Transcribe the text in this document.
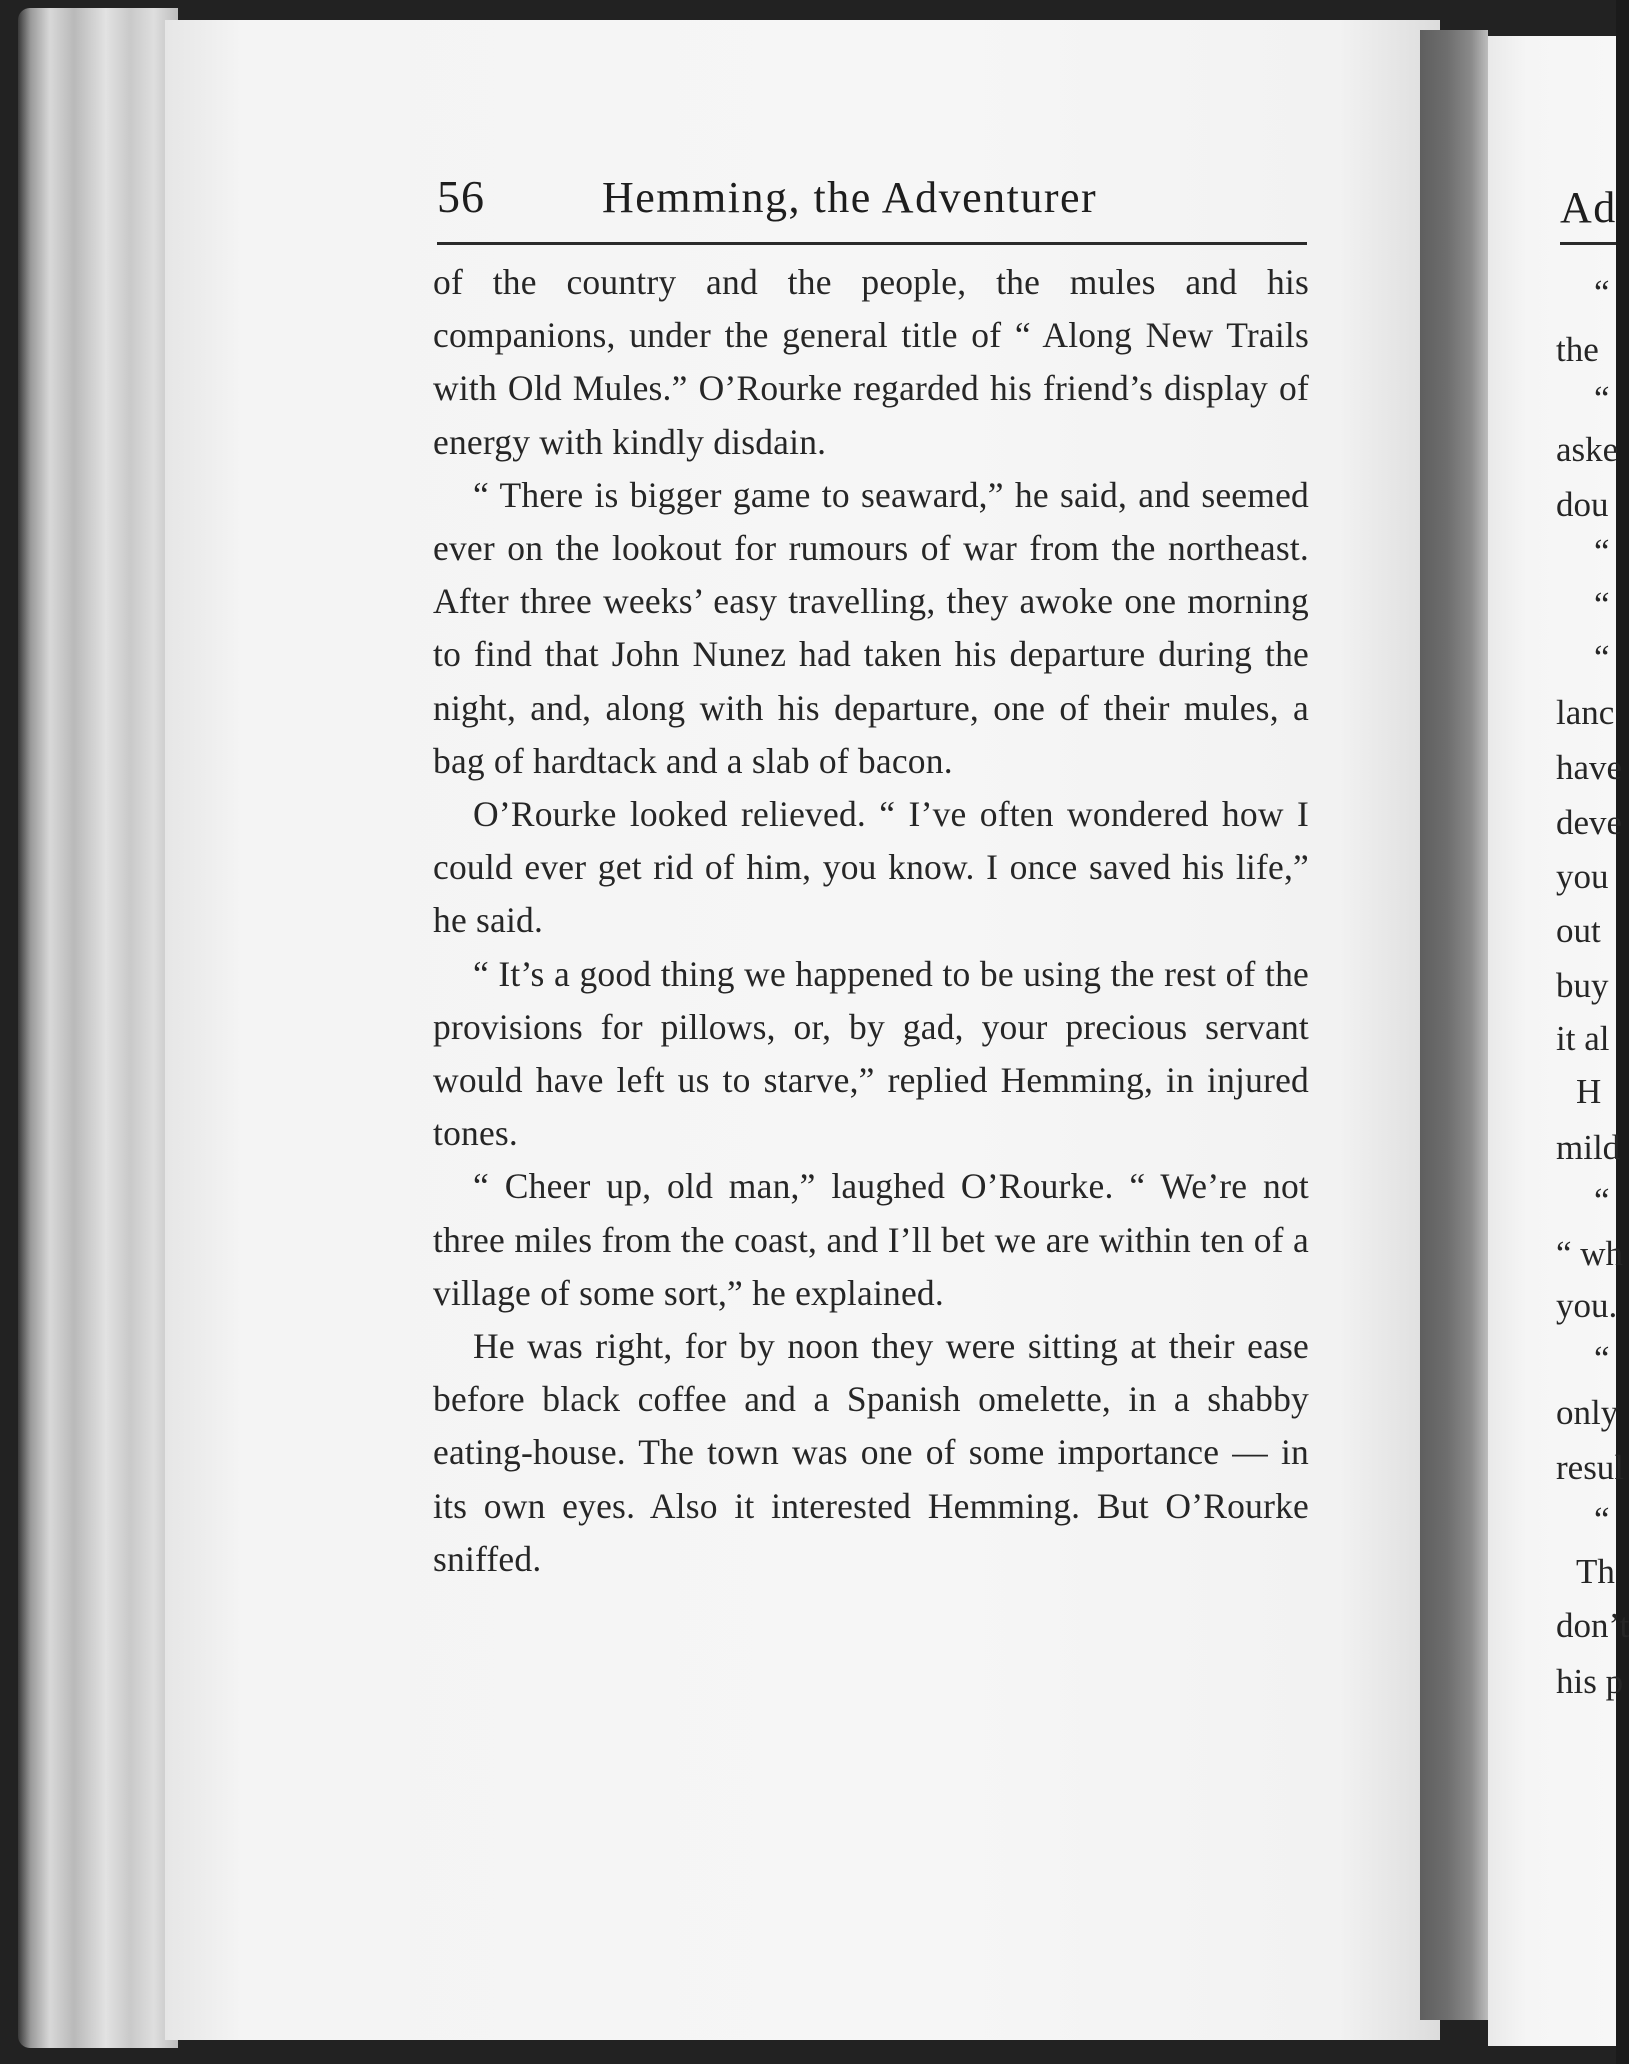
56	Hemming, the Adventurer

of the country and the people, the mules and his companions, under the general title of “ Along New Trails with Old Mules.” O’Rourke regarded his friend’s display of energy with kindly disdain.

“ There is bigger game to seaward,” he said, and seemed ever on the lookout for rumours of war from the northeast. After three weeks’ easy travelling, they awoke one morning to find that John Nunez had taken his departure during the night, and, along with his departure, one of their mules, a bag of hardtack and a slab of bacon.

O’Rourke looked relieved. “ I’ve often wondered how I could ever get rid of him, you know. I once saved his life,” he said.

“ It’s a good thing we happened to be using the rest of the provisions for pillows, or, by gad, your precious servant would have left us to starve,” replied Hemming, in injured tones.

“ Cheer up, old man,” laughed O’Rourke. “ We’re not three miles from the coast, and I’ll bet we are within ten of a village of some sort,” he explained.

He was right, for by noon they were sitting at their ease before black coffee and a Spanish omelette, in a shabby eating-house. The town was one of some importance — in its own eyes. Also it interested Hemming. But O’Rourke sniffed.

Ad
“
the
“
aske
dou
“
“
“
lanc
have
deve
you
out
buy
it al
H
mild
“
“ wh
you.
“
only
resul
“
Th
don’t
his p
